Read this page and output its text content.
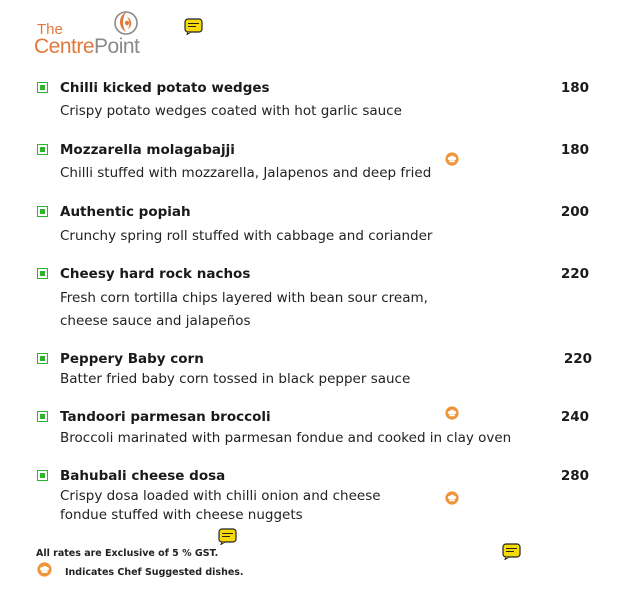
The
CentrePoint
Chilli kicked potato wedges	180
Crispy potato wedges coated with hot garlic sauce
Mozzarella molagabajji	180
Chilli stuffed with mozzarella, Jalapenos and deep fried
Authentic popiah	200
Crunchy spring roll stuffed with cabbage and coriander
Cheesy hard rock nachos	220
Fresh corn tortilla chips layered with bean sour cream,
cheese sauce and jalapeños
Peppery Baby corn	220
Batter fried baby corn tossed in black pepper sauce
Tandoori parmesan broccoli	240
Broccoli marinated with parmesan fondue and cooked in clay oven
Bahubali cheese dosa	280
Crispy dosa loaded with chilli onion and cheese
fondue stuffed with cheese nuggets
All rates are Exclusive of 5 % GST.
Indicates Chef Suggested dishes.
